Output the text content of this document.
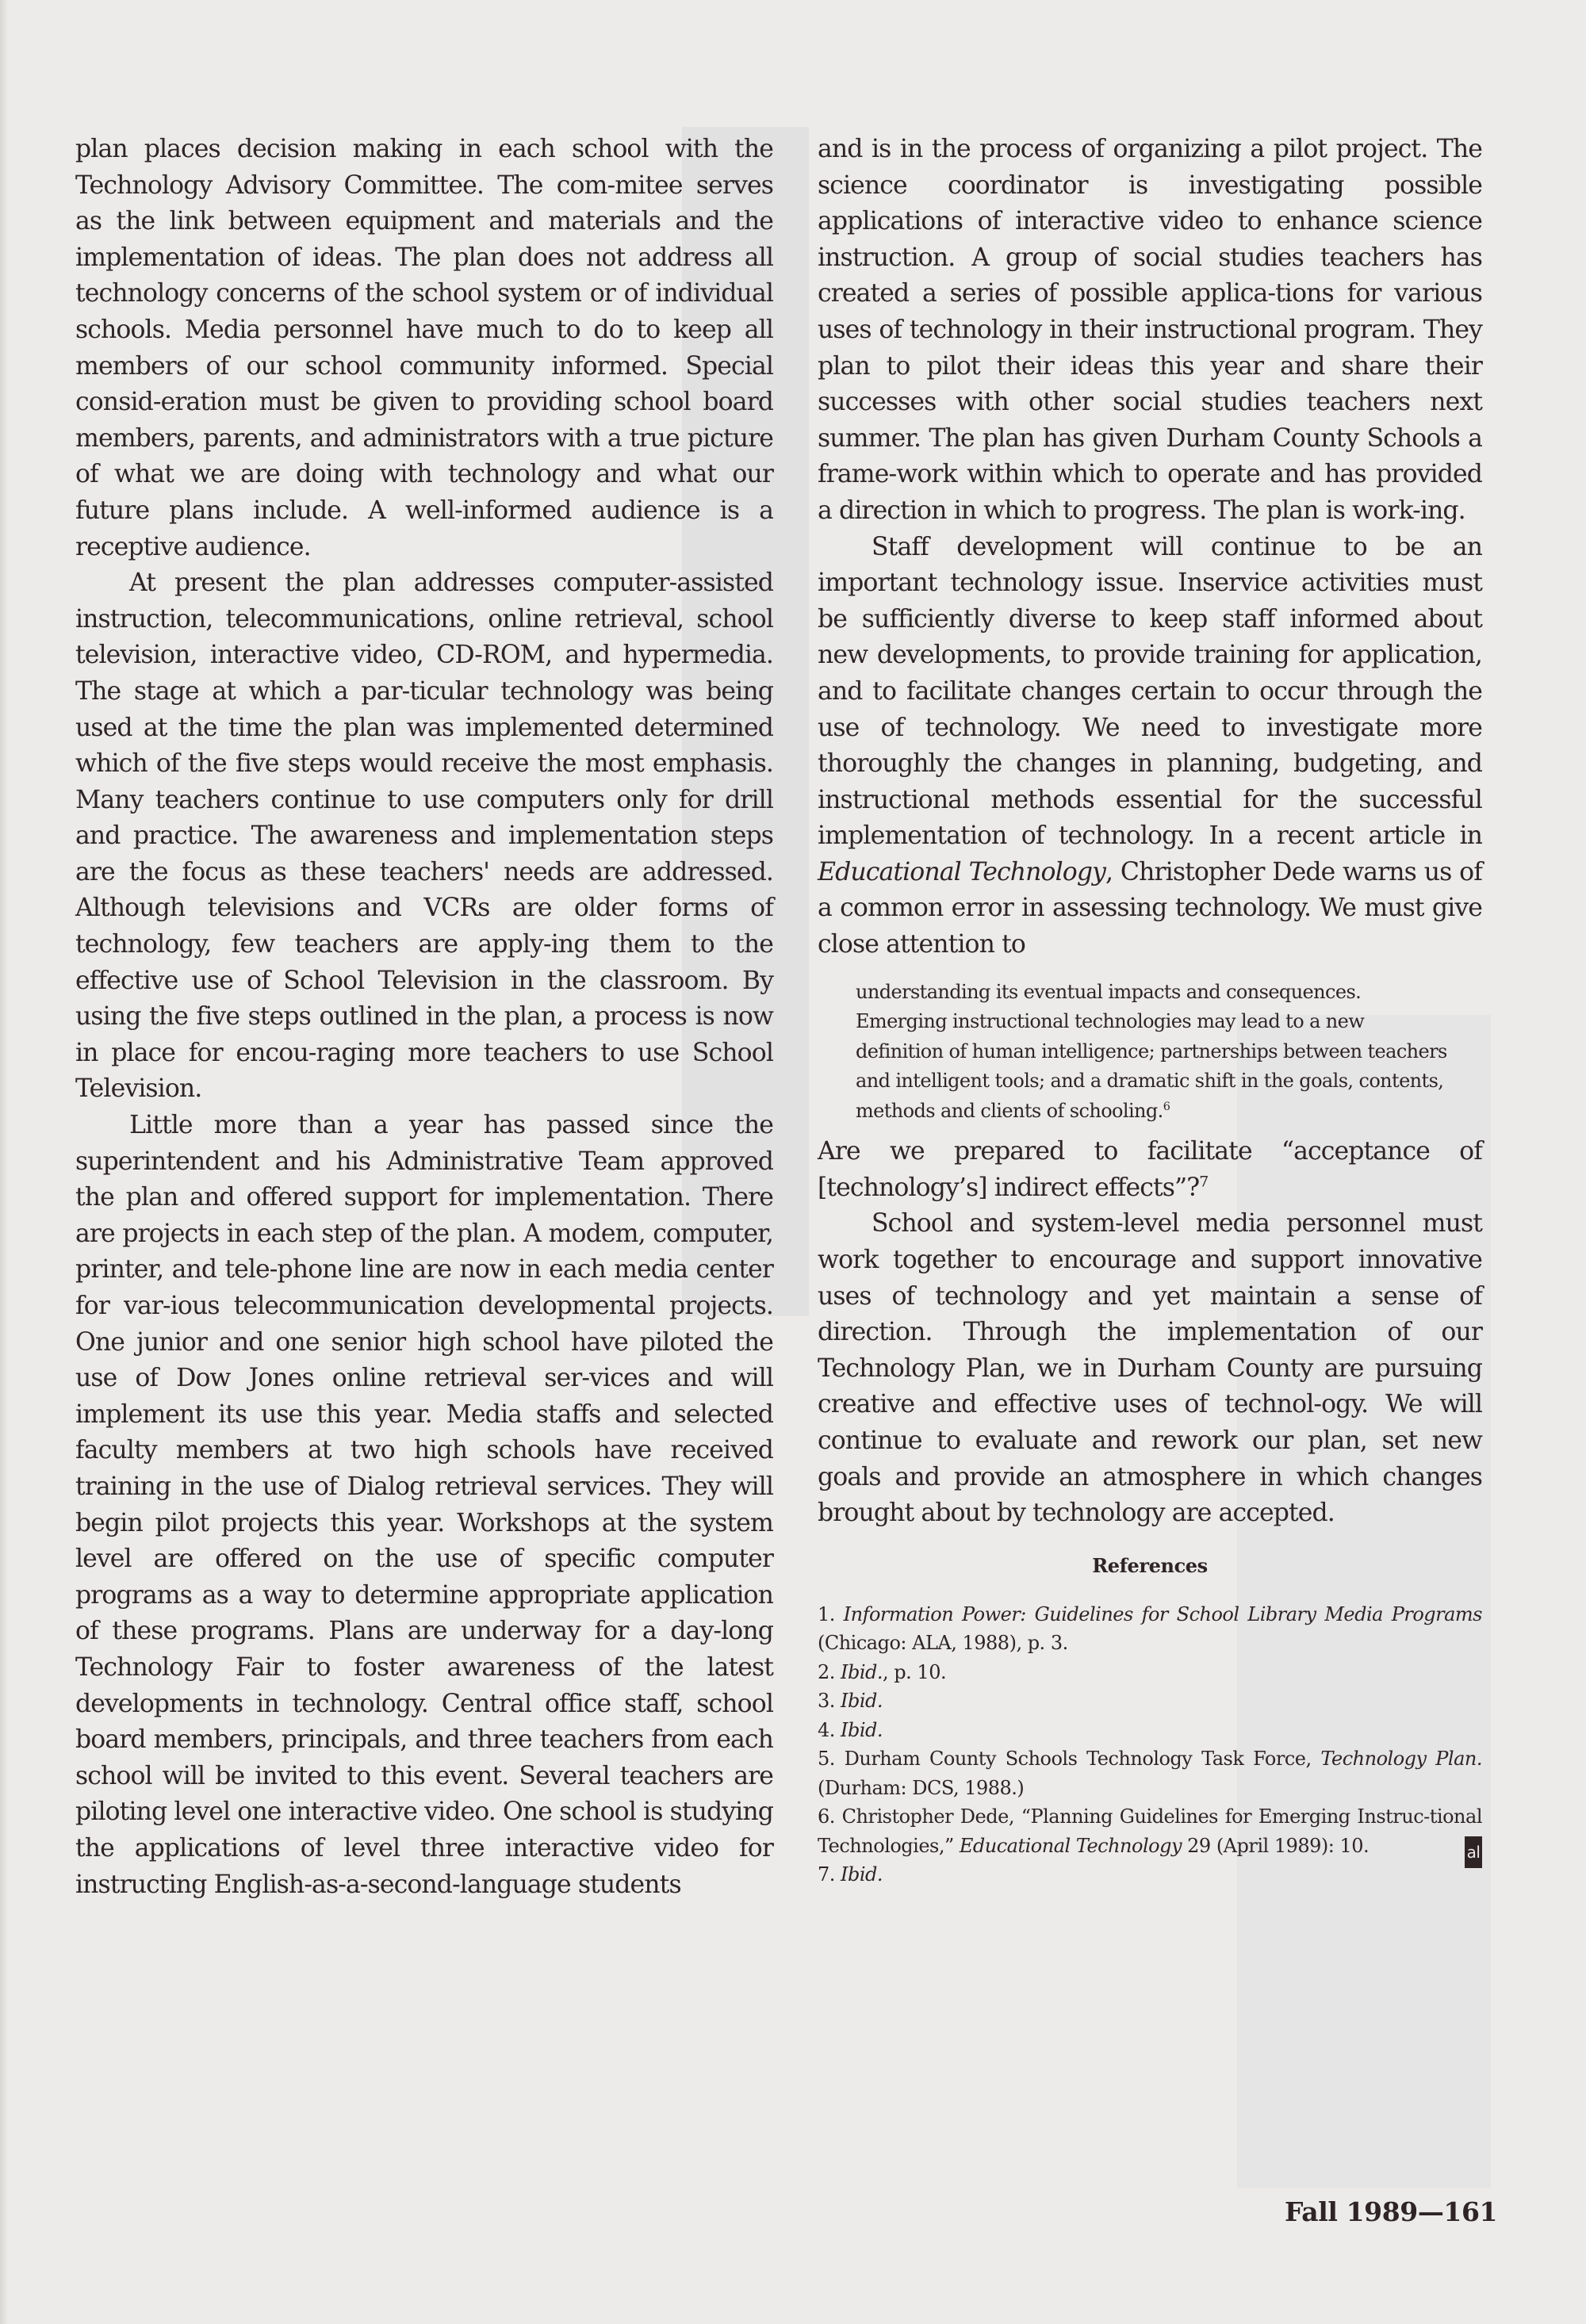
plan places decision making in each school with the Technology Advisory Committee. The com-mitee serves as the link between equipment and materials and the implementation of ideas. The plan does not address all technology concerns of the school system or of individual schools. Media personnel have much to do to keep all members of our school community informed. Special consid-eration must be given to providing school board members, parents, and administrators with a true picture of what we are doing with technology and what our future plans include. A well-informed audience is a receptive audience.

At present the plan addresses computer-assisted instruction, telecommunications, online retrieval, school television, interactive video, CD-ROM, and hypermedia. The stage at which a par-ticular technology was being used at the time the plan was implemented determined which of the five steps would receive the most emphasis. Many teachers continue to use computers only for drill and practice. The awareness and implementation steps are the focus as these teachers' needs are addressed. Although televisions and VCRs are older forms of technology, few teachers are apply-ing them to the effective use of School Television in the classroom. By using the five steps outlined in the plan, a process is now in place for encou-raging more teachers to use School Television.

Little more than a year has passed since the superintendent and his Administrative Team approved the plan and offered support for implementation. There are projects in each step of the plan. A modem, computer, printer, and tele-phone line are now in each media center for var-ious telecommunication developmental projects. One junior and one senior high school have piloted the use of Dow Jones online retrieval ser-vices and will implement its use this year. Media staffs and selected faculty members at two high schools have received training in the use of Dialog retrieval services. They will begin pilot projects this year. Workshops at the system level are offered on the use of specific computer programs as a way to determine appropriate application of these programs. Plans are underway for a day-long Technology Fair to foster awareness of the latest developments in technology. Central office staff, school board members, principals, and three teachers from each school will be invited to this event. Several teachers are piloting level one interactive video. One school is studying the applications of level three interactive video for instructing English-as-a-second-language students

and is in the process of organizing a pilot project. The science coordinator is investigating possible applications of interactive video to enhance science instruction. A group of social studies teachers has created a series of possible applica-tions for various uses of technology in their instructional program. They plan to pilot their ideas this year and share their successes with other social studies teachers next summer. The plan has given Durham County Schools a frame-work within which to operate and has provided a direction in which to progress. The plan is work-ing.

Staff development will continue to be an important technology issue. Inservice activities must be sufficiently diverse to keep staff informed about new developments, to provide training for application, and to facilitate changes certain to occur through the use of technology. We need to investigate more thoroughly the changes in planning, budgeting, and instructional methods essential for the successful implementation of technology. In a recent article in Educational Technology, Christopher Dede warns us of a common error in assessing technology. We must give close attention to

understanding its eventual impacts and consequences. Emerging instructional technologies may lead to a new definition of human intelligence; partnerships between teachers and intelligent tools; and a dramatic shift in the goals, contents, methods and clients of schooling.$^6$

Are we prepared to facilitate “acceptance of [technology’s] indirect effects”?$^7$

School and system-level media personnel must work together to encourage and support innovative uses of technology and yet maintain a sense of direction. Through the implementation of our Technology Plan, we in Durham County are pursuing creative and effective uses of technol-ogy. We will continue to evaluate and rework our plan, set new goals and provide an atmosphere in which changes brought about by technology are accepted.

References

1. Information Power: Guidelines for School Library Media Programs (Chicago: ALA, 1988), p. 3.

2. Ibid., p. 10.

3. Ibid.

4. Ibid.

5. Durham County Schools Technology Task Force, Technology Plan. (Durham: DCS, 1988.)

6. Christopher Dede, “Planning Guidelines for Emerging Instruc-tional Technologies,” Educational Technology 29 (April 1989): 10.

7. Ibid.
al

Fall 1989—161
